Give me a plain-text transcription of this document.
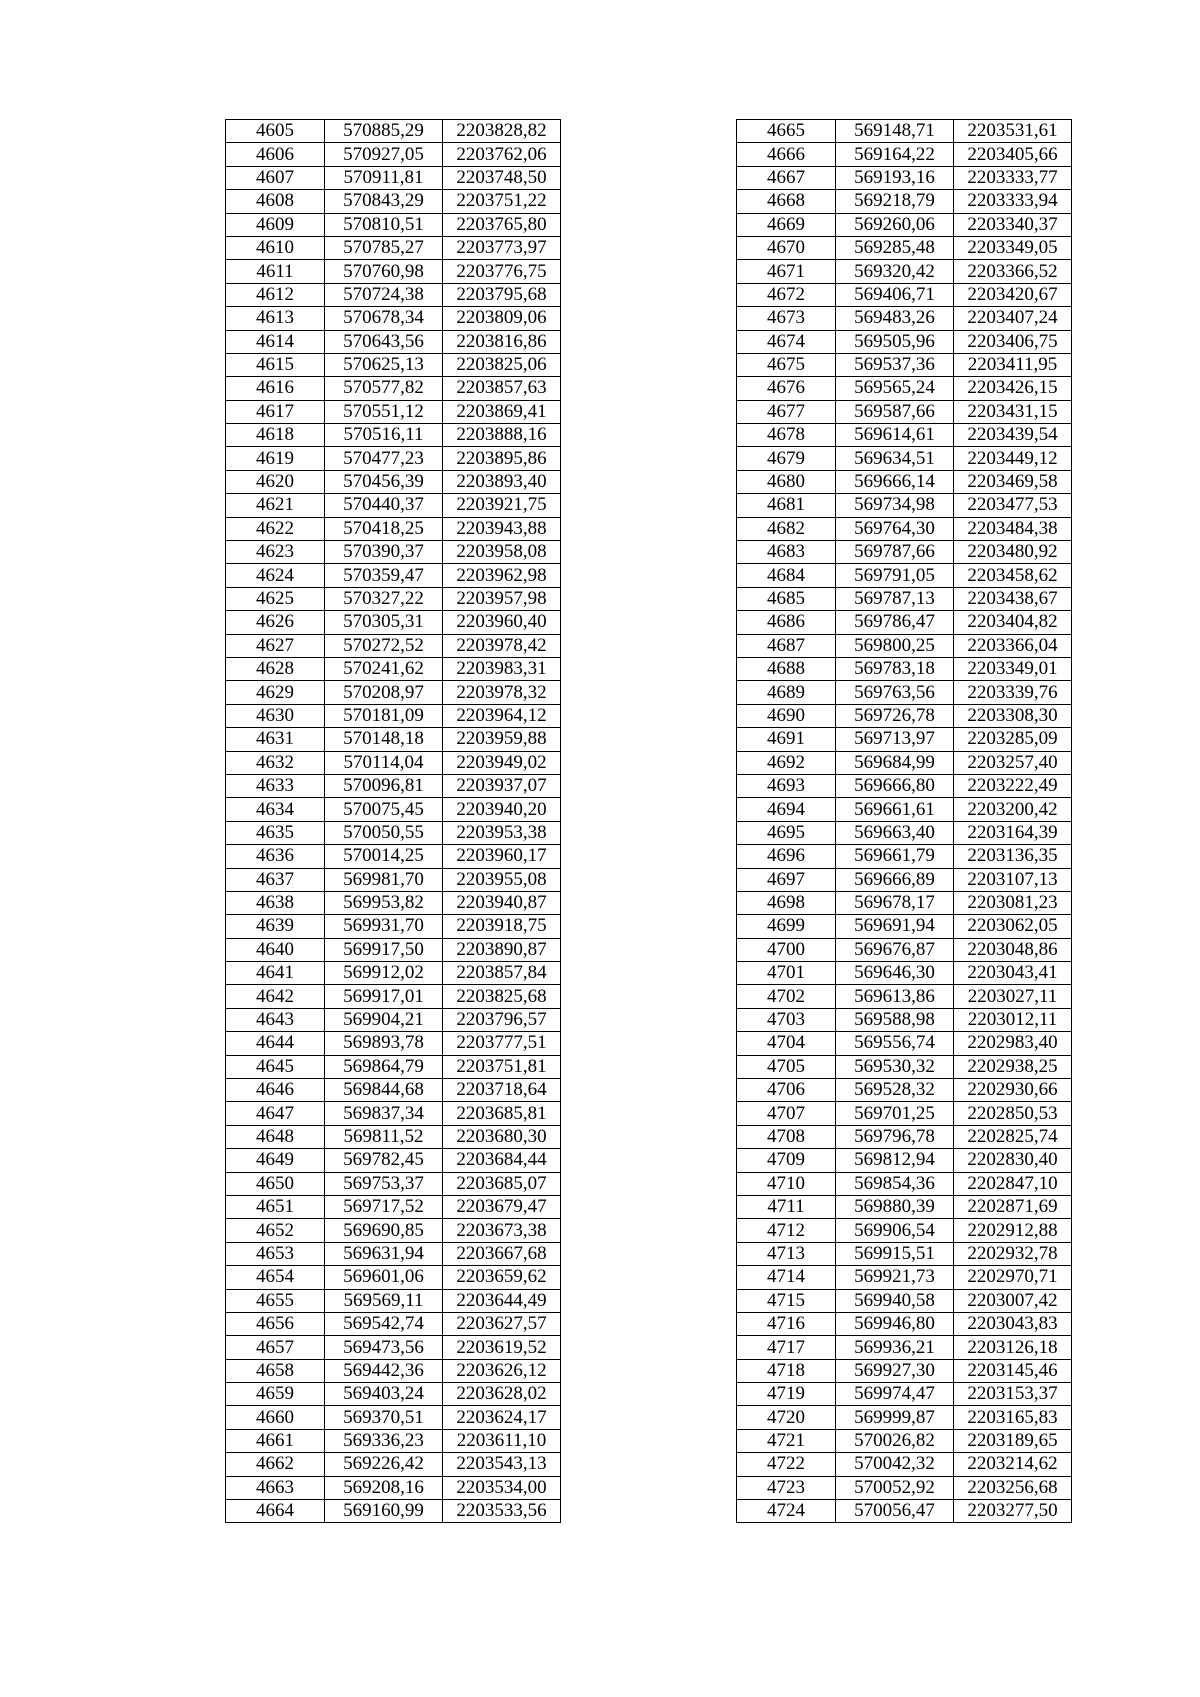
4605	570885,29	2203828,82
4606	570927,05	2203762,06
4607	570911,81	2203748,50
4608	570843,29	2203751,22
4609	570810,51	2203765,80
4610	570785,27	2203773,97
4611	570760,98	2203776,75
4612	570724,38	2203795,68
4613	570678,34	2203809,06
4614	570643,56	2203816,86
4615	570625,13	2203825,06
4616	570577,82	2203857,63
4617	570551,12	2203869,41
4618	570516,11	2203888,16
4619	570477,23	2203895,86
4620	570456,39	2203893,40
4621	570440,37	2203921,75
4622	570418,25	2203943,88
4623	570390,37	2203958,08
4624	570359,47	2203962,98
4625	570327,22	2203957,98
4626	570305,31	2203960,40
4627	570272,52	2203978,42
4628	570241,62	2203983,31
4629	570208,97	2203978,32
4630	570181,09	2203964,12
4631	570148,18	2203959,88
4632	570114,04	2203949,02
4633	570096,81	2203937,07
4634	570075,45	2203940,20
4635	570050,55	2203953,38
4636	570014,25	2203960,17
4637	569981,70	2203955,08
4638	569953,82	2203940,87
4639	569931,70	2203918,75
4640	569917,50	2203890,87
4641	569912,02	2203857,84
4642	569917,01	2203825,68
4643	569904,21	2203796,57
4644	569893,78	2203777,51
4645	569864,79	2203751,81
4646	569844,68	2203718,64
4647	569837,34	2203685,81
4648	569811,52	2203680,30
4649	569782,45	2203684,44
4650	569753,37	2203685,07
4651	569717,52	2203679,47
4652	569690,85	2203673,38
4653	569631,94	2203667,68
4654	569601,06	2203659,62
4655	569569,11	2203644,49
4656	569542,74	2203627,57
4657	569473,56	2203619,52
4658	569442,36	2203626,12
4659	569403,24	2203628,02
4660	569370,51	2203624,17
4661	569336,23	2203611,10
4662	569226,42	2203543,13
4663	569208,16	2203534,00
4664	569160,99	2203533,56
4665	569148,71	2203531,61
4666	569164,22	2203405,66
4667	569193,16	2203333,77
4668	569218,79	2203333,94
4669	569260,06	2203340,37
4670	569285,48	2203349,05
4671	569320,42	2203366,52
4672	569406,71	2203420,67
4673	569483,26	2203407,24
4674	569505,96	2203406,75
4675	569537,36	2203411,95
4676	569565,24	2203426,15
4677	569587,66	2203431,15
4678	569614,61	2203439,54
4679	569634,51	2203449,12
4680	569666,14	2203469,58
4681	569734,98	2203477,53
4682	569764,30	2203484,38
4683	569787,66	2203480,92
4684	569791,05	2203458,62
4685	569787,13	2203438,67
4686	569786,47	2203404,82
4687	569800,25	2203366,04
4688	569783,18	2203349,01
4689	569763,56	2203339,76
4690	569726,78	2203308,30
4691	569713,97	2203285,09
4692	569684,99	2203257,40
4693	569666,80	2203222,49
4694	569661,61	2203200,42
4695	569663,40	2203164,39
4696	569661,79	2203136,35
4697	569666,89	2203107,13
4698	569678,17	2203081,23
4699	569691,94	2203062,05
4700	569676,87	2203048,86
4701	569646,30	2203043,41
4702	569613,86	2203027,11
4703	569588,98	2203012,11
4704	569556,74	2202983,40
4705	569530,32	2202938,25
4706	569528,32	2202930,66
4707	569701,25	2202850,53
4708	569796,78	2202825,74
4709	569812,94	2202830,40
4710	569854,36	2202847,10
4711	569880,39	2202871,69
4712	569906,54	2202912,88
4713	569915,51	2202932,78
4714	569921,73	2202970,71
4715	569940,58	2203007,42
4716	569946,80	2203043,83
4717	569936,21	2203126,18
4718	569927,30	2203145,46
4719	569974,47	2203153,37
4720	569999,87	2203165,83
4721	570026,82	2203189,65
4722	570042,32	2203214,62
4723	570052,92	2203256,68
4724	570056,47	2203277,50
